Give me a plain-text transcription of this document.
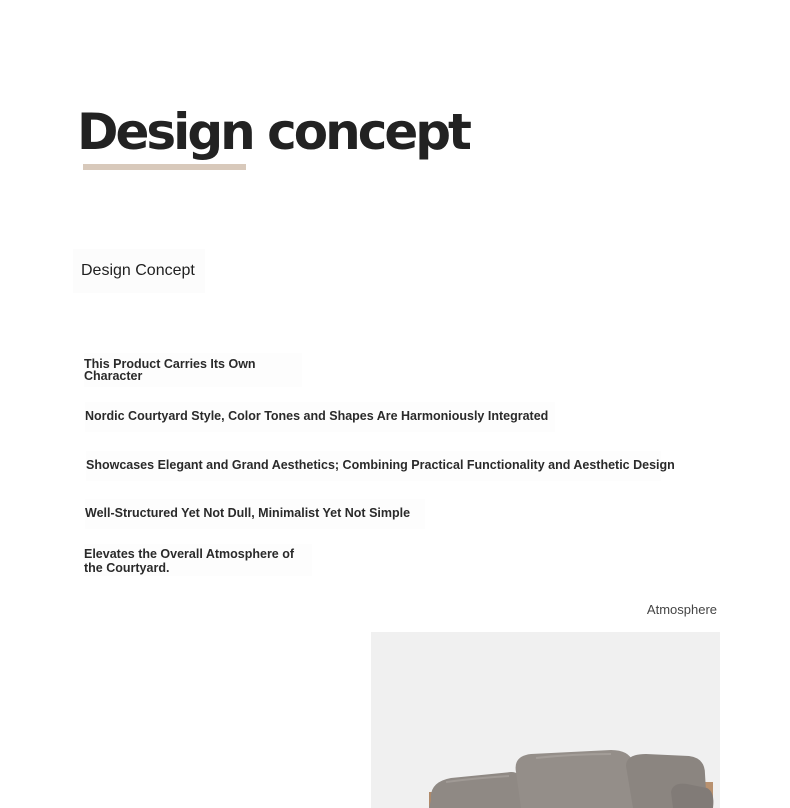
Design concept
Design Concept

This Product Carries Its Own Character

Nordic Courtyard Style, Color Tones and Shapes Are Harmoniously Integrated

Showcases Elegant and Grand Aesthetics; Combining Practical Functionality and Aesthetic Design

Well-Structured Yet Not Dull, Minimalist Yet Not Simple

Elevates the Overall Atmosphere of the Courtyard.

Atmosphere
